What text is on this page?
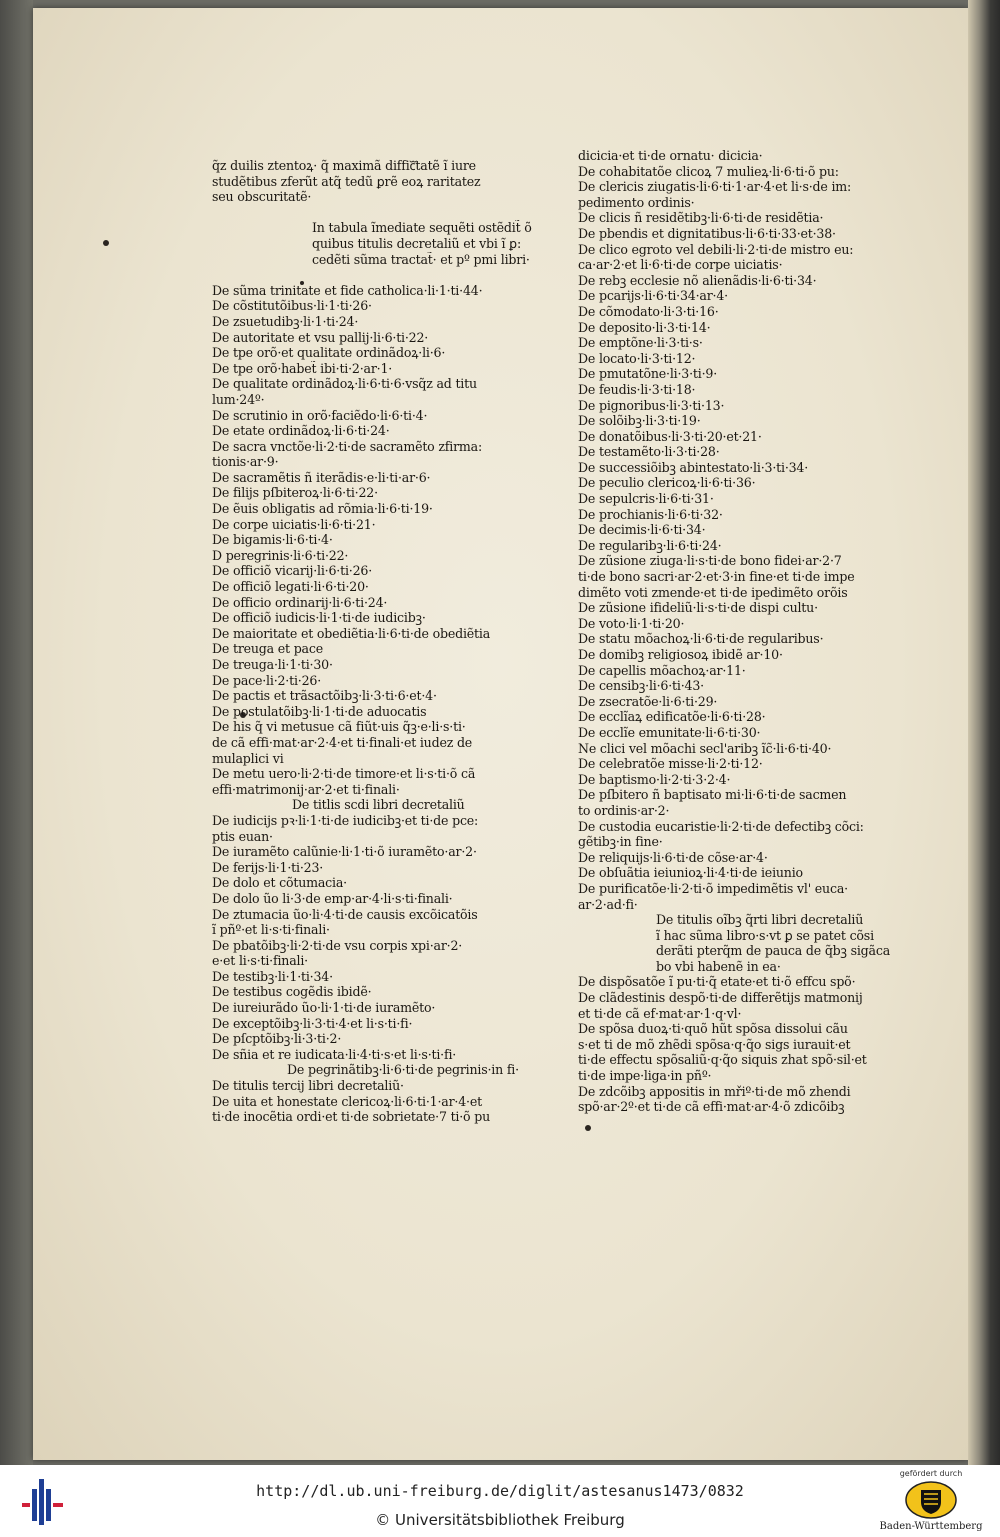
q̃z duilis ztentoꝝ· q̃ maximã difficᷓtatẽ ĩ iure
studẽtibus zferũt atq̃ tedũ ꝑrẽ eoꝝ raritatez
seu obscuritatẽ·
In tabula ĩmediate sequẽti ostẽdit̃ õ
quibus titulis decretaliũ et vbi ĩ ꝑ:
cedẽti sũma tractat̃· et pº pmi libri·
De sũma trinitate et fide catholica·li·1·ti·44·
De cõstitutõibus·li·1·ti·26·
De zsuetudibꝫ·li·1·ti·24·
De autoritate et vsu pallij·li·6·ti·22·
De tpe orõ·et qualitate ordinãdoꝝ·li·6·
De tpe orõ·habet̃ ibi·ti·2·ar·1·
De qualitate ordinãdoꝝ·li·6·ti·6·vsq̃z ad titu
lum·24º·
De scrutinio in orõ·faciẽdo·li·6·ti·4·
De etate ordinãdoꝝ·li·6·ti·24·
De sacra vnctõe·li·2·ti·de sacramẽto zfirma:
tionis·ar·9·
De sacramẽtis ñ iterãdis·e·li·ti·ar·6·
De filijs pſbiteroꝝ·li·6·ti·22·
De ẽuis obligatis ad rõmia·li·6·ti·19·
De corpe uiciatis·li·6·ti·21·
De bigamis·li·6·ti·4·
D peregrinis·li·6·ti·22·
De officiõ vicarij·li·6·ti·26·
De officiõ legati·li·6·ti·20·
De officio ordinarij·li·6·ti·24·
De officiõ iudicis·li·1·ti·de iudicibꝫ·
De maioritate et obediẽtia·li·6·ti·de obediẽtia
De treuga et pace
De treuga·li·1·ti·30·
De pace·li·2·ti·26·
De pactis et trãsactõibꝫ·li·3·ti·6·et·4·
De postulatõibꝫ·li·1·ti·de aduocatis
De his q̃ vi metusue cã fiũt·uis q̃ꝫ·e·li·s·ti·
de cã effi·mat·ar·2·4·et ti·finali·et iudez de
mulaplici vi
De metu uero·li·2·ti·de timore·et li·s·ti·õ cã
effi·matrimonij·ar·2·et ti·finali·
De titlis scdi libri decretaliũ
De iudicijs pꝛ·li·1·ti·de iudicibꝫ·et ti·de pce:
ptis euan·
De iuramẽto calũnie·li·1·ti·õ iuramẽto·ar·2·
De ferijs·li·1·ti·23·
De dolo et cõtumacia·
De dolo ũo li·3·de emp·ar·4·li·s·ti·finali·
De ztumacia ũo·li·4·ti·de causis excõicatõis
ĩ pñº·et li·s·ti·finali·
De pbatõibꝫ·li·2·ti·de vsu corpis xpi·ar·2·
e·et li·s·ti·finali·
De testibꝫ·li·1·ti·34·
De testibus cogẽdis ibidẽ·
De iureiurãdo ũo·li·1·ti·de iuramẽto·
De exceptõibꝫ·li·3·ti·4·et li·s·ti·fi·
De pſcptõibꝫ·li·3·ti·2·
De sñia et re iudicata·li·4·ti·s·et li·s·ti·fi·
De pegrinãtibꝫ·li·6·ti·de pegrinis·in fi·
De titulis tercij libri decretaliũ·
De uita et honestate clericoꝝ·li·6·ti·1·ar·4·et
ti·de inocẽtia ordi·et ti·de sobrietate·7 ti·õ pu
dicicia·et ti·de ornatu· dicicia·
De cohabitatõe clicoꝝ 7 mulieꝝ·li·6·ti·õ pu:
De clericis ziugatis·li·6·ti·1·ar·4·et li·s·de im:
pedimento ordinis·
De clicis ñ residẽtibꝫ·li·6·ti·de residẽtia·
De pbendis et dignitatibus·li·6·ti·33·et·38·
De clico egroto vel debili·li·2·ti·de mistro eu:
ca·ar·2·et li·6·ti·de corpe uiciatis·
De rebꝫ ecclesie nõ alienãdis·li·6·ti·34·
De pcarijs·li·6·ti·34·ar·4·
De cõmodato·li·3·ti·16·
De deposito·li·3·ti·14·
De emptõne·li·3·ti·s·
De locato·li·3·ti·12·
De pmutatõne·li·3·ti·9·
De feudis·li·3·ti·18·
De pignoribus·li·3·ti·13·
De solõibꝫ·li·3·ti·19·
De donatõibus·li·3·ti·20·et·21·
De testamẽto·li·3·ti·28·
De successiõibꝫ abintestato·li·3·ti·34·
De peculio clericoꝝ·li·6·ti·36·
De sepulcris·li·6·ti·31·
De prochianis·li·6·ti·32·
De decimis·li·6·ti·34·
De regularibꝫ·li·6·ti·24·
De zũsione ziuga·li·s·ti·de bono fidei·ar·2·7
ti·de bono sacri·ar·2·et·3·in fine·et ti·de impe
dimẽto voti zmende·et ti·de ipedimẽto orõis
De zũsione ifideliũ·li·s·ti·de dispi cultu·
De voto·li·1·ti·20·
De statu mõachoꝝ·li·6·ti·de regularibus·
De domibꝫ religiosoꝝ ibidẽ ar·10·
De capellis mõachoꝝ·ar·11·
De censibꝫ·li·6·ti·43·
De zsecratõe·li·6·ti·29·
De ecclĩaꝝ edificatõe·li·6·ti·28·
De ecclĩe emunitate·li·6·ti·30·
Ne clici vel mõachi secl'aribꝫ ĩc̃·li·6·ti·40·
De celebratõe misse·li·2·ti·12·
De baptismo·li·2·ti·3·2·4·
De pſbitero ñ baptisato mi·li·6·ti·de sacmen
to ordinis·ar·2·
De custodia eucaristie·li·2·ti·de defectibꝫ cõci:
gẽtibꝫ·in fine·
De reliquijs·li·6·ti·de cõse·ar·4·
De obſuãtia ieiunioꝝ·li·4·ti·de ieiunio
De purificatõe·li·2·ti·õ impedimẽtis vl' euca·
ar·2·ad·fi·
De titulis oĩbꝫ q̃rti libri decretaliũ
ĩ hac sũma libro·s·vt ꝑ se patet cõsi
derãti pterq̃m de pauca de q̃bꝫ sigãca
bo vbi habenẽ in ea·
De dispõsatõe ĩ pu·ti·q̃ etate·et ti·õ effcu spõ·
De clãdestinis despõ·ti·de differẽtijs matmonij
et ti·de cã ef·mat·ar·1·q·vl·
De spõsa duoꝝ·ti·quõ hũt spõsa dissolui cãu
s·et ti de mõ zhẽdi spõsa·q·q̃o sigs iurauit·et
ti·de effectu spõsaliũ·q·q̃o siquis zhat spõ·sil·et
ti·de impe·liga·in pñº·
De zdcõibꝫ appositis in mřiº·ti·de mõ zhendi
spõ·ar·2º·et ti·de cã effi·mat·ar·4·õ zdicõibꝫ
http://dl.ub.uni-freiburg.de/diglit/astesanus1473/0832
© Universitätsbibliothek Freiburg
gefördert durch
Baden-Württemberg
